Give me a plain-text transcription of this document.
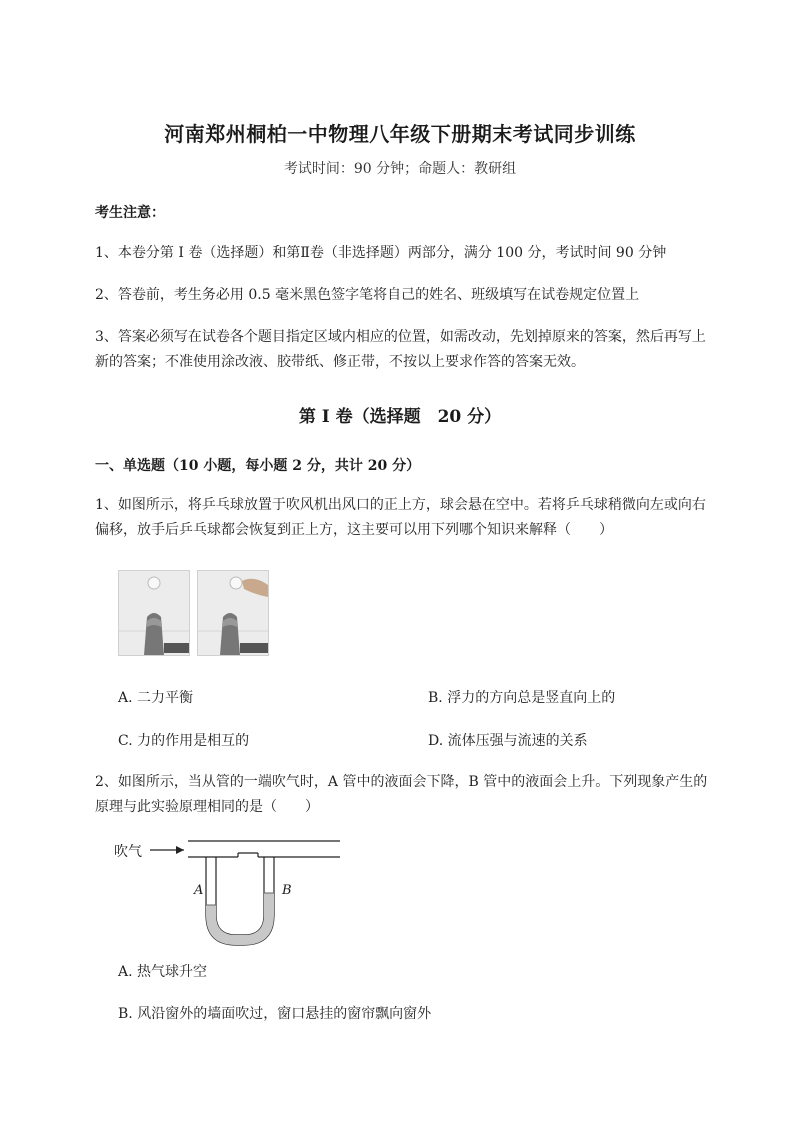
河南郑州桐柏一中物理八年级下册期末考试同步训练
考试时间：90 分钟；命题人：教研组
考生注意：
1、本卷分第 I 卷（选择题）和第Ⅱ卷（非选择题）两部分，满分 100 分，考试时间 90 分钟
2、答卷前，考生务必用 0.5 毫米黑色签字笔将自己的姓名、班级填写在试卷规定位置上
3、答案必须写在试卷各个题目指定区域内相应的位置，如需改动，先划掉原来的答案，然后再写上新的答案；不准使用涂改液、胶带纸、修正带，不按以上要求作答的答案无效。
第 I 卷（选择题　20 分）
一、单选题（10 小题，每小题 2 分，共计 20 分）
1、如图所示，将乒乓球放置于吹风机出风口的正上方，球会悬在空中。若将乒乓球稍微向左或向右偏移，放手后乒乓球都会恢复到正上方，这主要可以用下列哪个知识来解释（　　）
A. 二力平衡	B. 浮力的方向总是竖直向上的
C. 力的作用是相互的	D. 流体压强与流速的关系
2、如图所示，当从管的一端吹气时，A 管中的液面会下降，B 管中的液面会上升。下列现象产生的原理与此实验原理相同的是（　　）
吹气
A	B
A. 热气球升空
B. 风沿窗外的墙面吹过，窗口悬挂的窗帘飘向窗外
